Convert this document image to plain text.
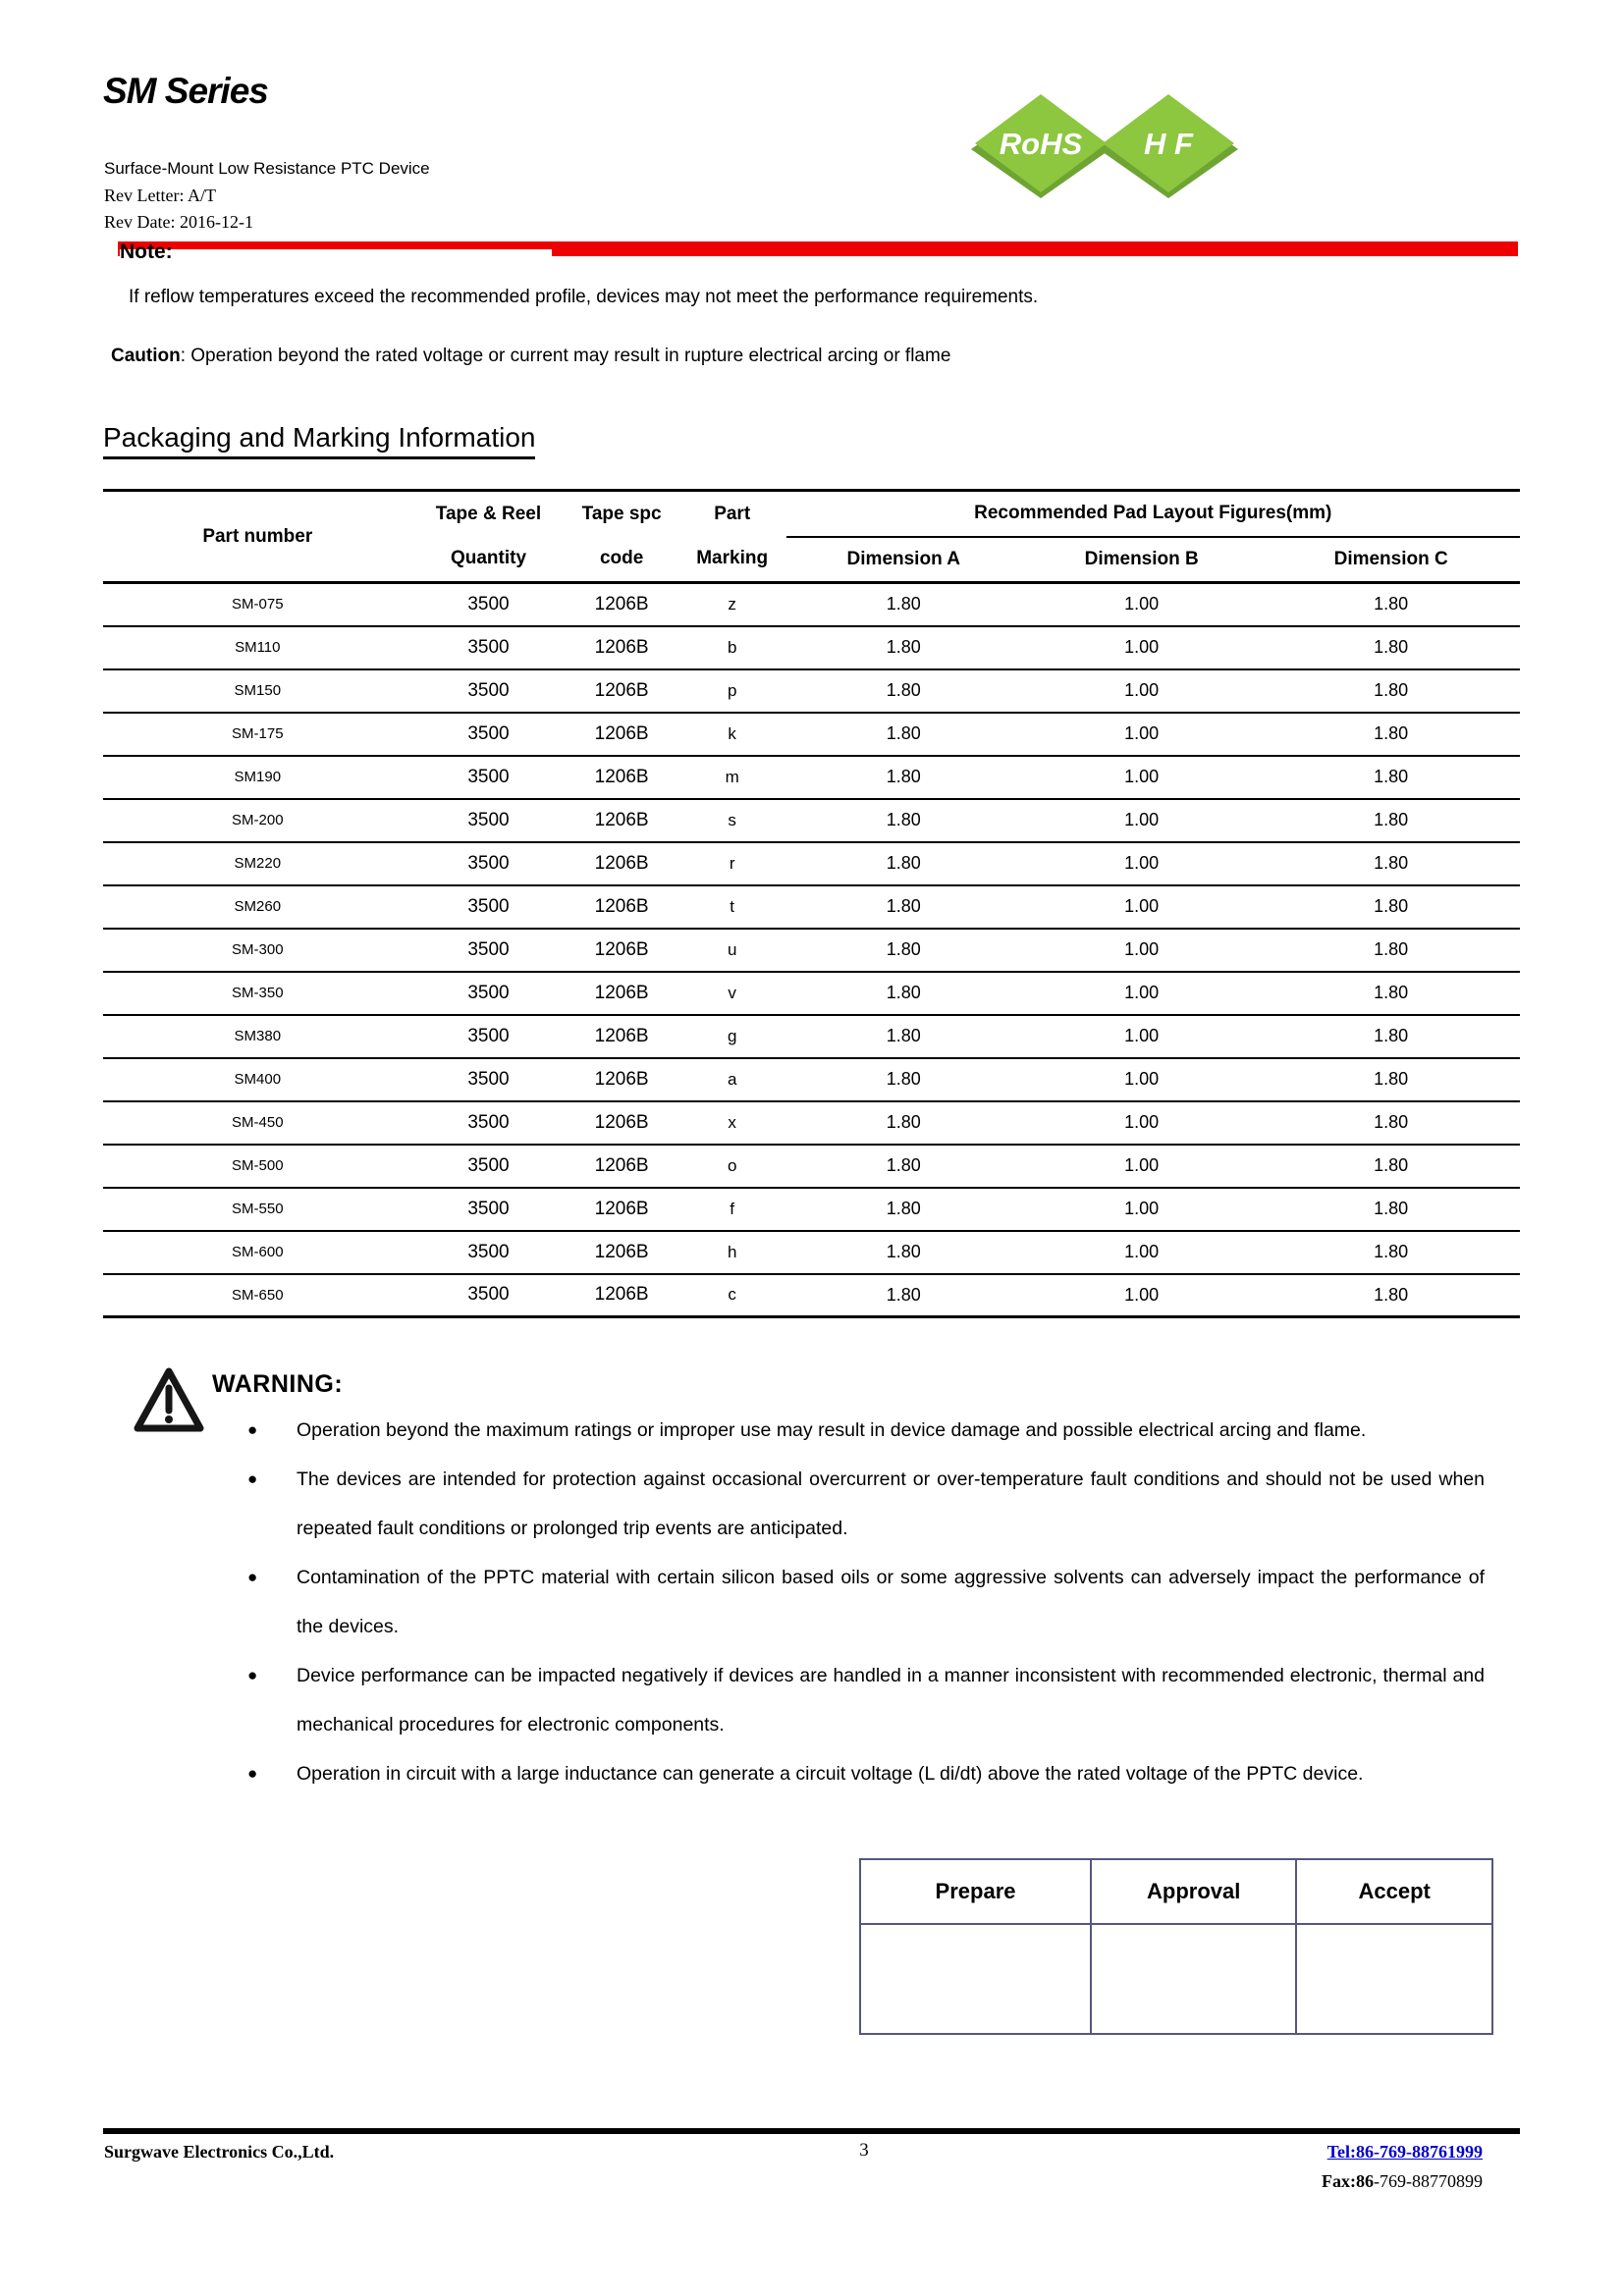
SM Series
Surface-Mount Low Resistance PTC Device
Rev Letter: A/T
Rev Date: 2016-12-1
RoHS H F
Note:
If reflow temperatures exceed the recommended profile, devices may not meet the performance requirements.
Caution: Operation beyond the rated voltage or current may result in rupture electrical arcing or flame
Packaging and Marking Information
Part number	Tape & Reel	Tape spc	Part	Recommended Pad Layout Figures(mm)		
	Quantity	code	Marking	Dimension A	Dimension B	Dimension C
SM-075	3500	1206B	z	1.80	1.00	1.80
SM110	3500	1206B	b	1.80	1.00	1.80
SM150	3500	1206B	p	1.80	1.00	1.80
SM-175	3500	1206B	k	1.80	1.00	1.80
SM190	3500	1206B	m	1.80	1.00	1.80
SM-200	3500	1206B	s	1.80	1.00	1.80
SM220	3500	1206B	r	1.80	1.00	1.80
SM260	3500	1206B	t	1.80	1.00	1.80
SM-300	3500	1206B	u	1.80	1.00	1.80
SM-350	3500	1206B	v	1.80	1.00	1.80
SM380	3500	1206B	g	1.80	1.00	1.80
SM400	3500	1206B	a	1.80	1.00	1.80
SM-450	3500	1206B	x	1.80	1.00	1.80
SM-500	3500	1206B	o	1.80	1.00	1.80
SM-550	3500	1206B	f	1.80	1.00	1.80
SM-600	3500	1206B	h	1.80	1.00	1.80
SM-650	3500	1206B	c	1.80	1.00	1.80
WARNING:
● Operation beyond the maximum ratings or improper use may result in device damage and possible electrical arcing and flame.
● The devices are intended for protection against occasional overcurrent or over-temperature fault conditions and should not be used when repeated fault conditions or prolonged trip events are anticipated.
● Contamination of the PPTC material with certain silicon based oils or some aggressive solvents can adversely impact the performance of the devices.
● Device performance can be impacted negatively if devices are handled in a manner inconsistent with recommended electronic, thermal and mechanical procedures for electronic components.
● Operation in circuit with a large inductance can generate a circuit voltage (L di/dt) above the rated voltage of the PPTC device.
Prepare	Approval	Accept

Surgwave Electronics Co.,Ltd.	3	Tel:86-769-88761999
Fax:86-769-88770899
